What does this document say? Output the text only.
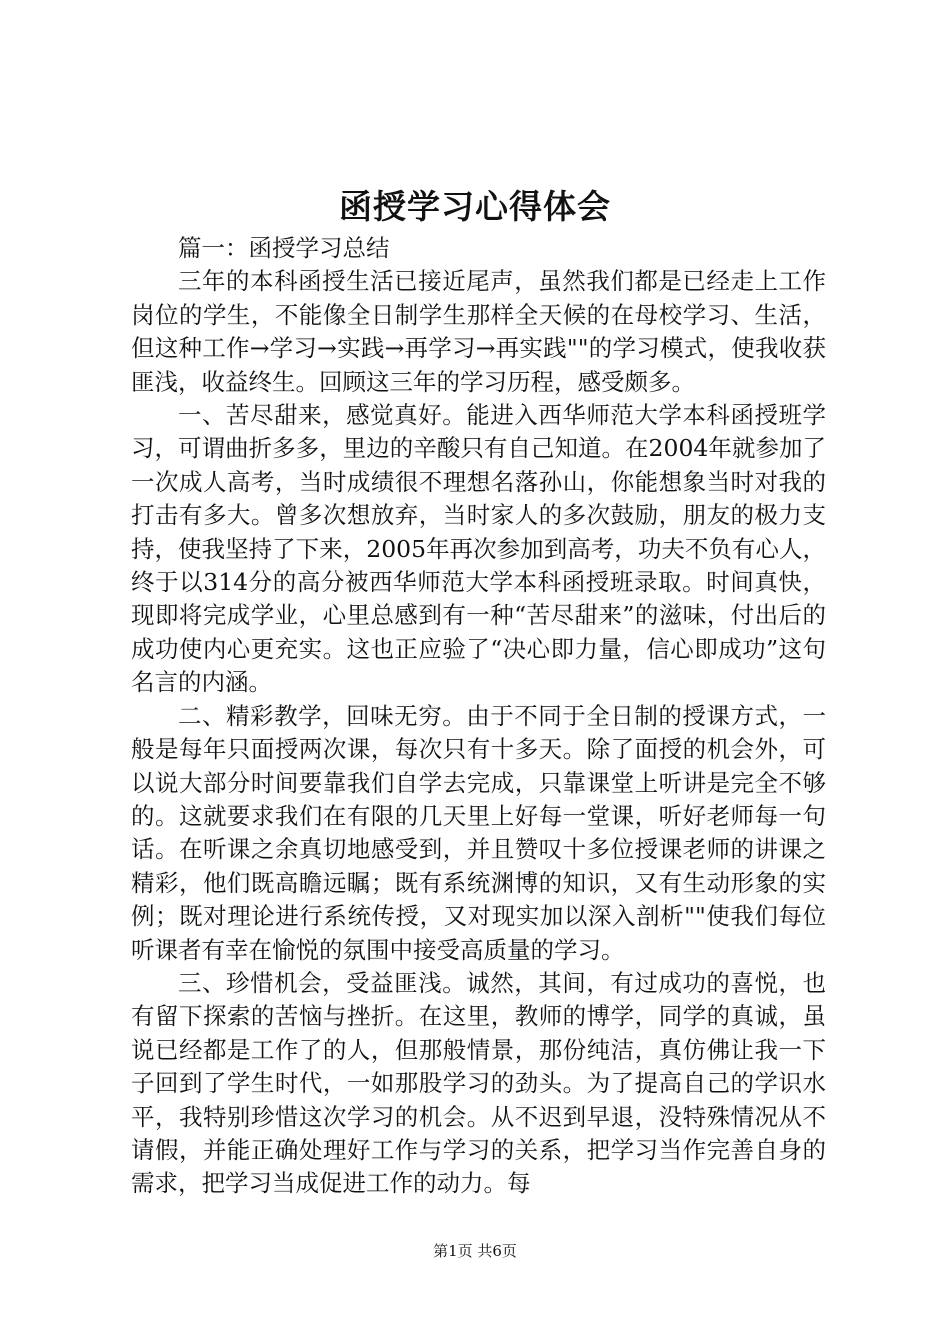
函授学习心得体会

篇一：函授学习总结

三年的本科函授生活已接近尾声，虽然我们都是已经走上工作岗位的学生，不能像全日制学生那样全天候的在母校学习、生活，但这种工作→学习→实践→再学习→再实践""的学习模式，使我收获匪浅，收益终生。回顾这三年的学习历程，感受颇多。

一、苦尽甜来，感觉真好。能进入西华师范大学本科函授班学习，可谓曲折多多，里边的辛酸只有自己知道。在2004年就参加了一次成人高考，当时成绩很不理想名落孙山，你能想象当时对我的打击有多大。曾多次想放弃，当时家人的多次鼓励，朋友的极力支持，使我坚持了下来，2005年再次参加到高考，功夫不负有心人，终于以314分的高分被西华师范大学本科函授班录取。时间真快，现即将完成学业，心里总感到有一种“苦尽甜来”的滋味，付出后的成功使内心更充实。这也正应验了“决心即力量，信心即成功”这句名言的内涵。

二、精彩教学，回味无穷。由于不同于全日制的授课方式，一般是每年只面授两次课，每次只有十多天。除了面授的机会外，可以说大部分时间要靠我们自学去完成，只靠课堂上听讲是完全不够的。这就要求我们在有限的几天里上好每一堂课，听好老师每一句话。在听课之余真切地感受到，并且赞叹十多位授课老师的讲课之精彩，他们既高瞻远瞩；既有系统渊博的知识，又有生动形象的实例；既对理论进行系统传授，又对现实加以深入剖析""使我们每位听课者有幸在愉悦的氛围中接受高质量的学习。

三、珍惜机会，受益匪浅。诚然，其间，有过成功的喜悦，也有留下探索的苦恼与挫折。在这里，教师的博学，同学的真诚，虽说已经都是工作了的人，但那般情景，那份纯洁，真仿佛让我一下子回到了学生时代，一如那股学习的劲头。为了提高自己的学识水平，我特别珍惜这次学习的机会。从不迟到早退，没特殊情况从不请假，并能正确处理好工作与学习的关系，把学习当作完善自身的需求，把学习当成促进工作的动力。每

第1页 共6页
